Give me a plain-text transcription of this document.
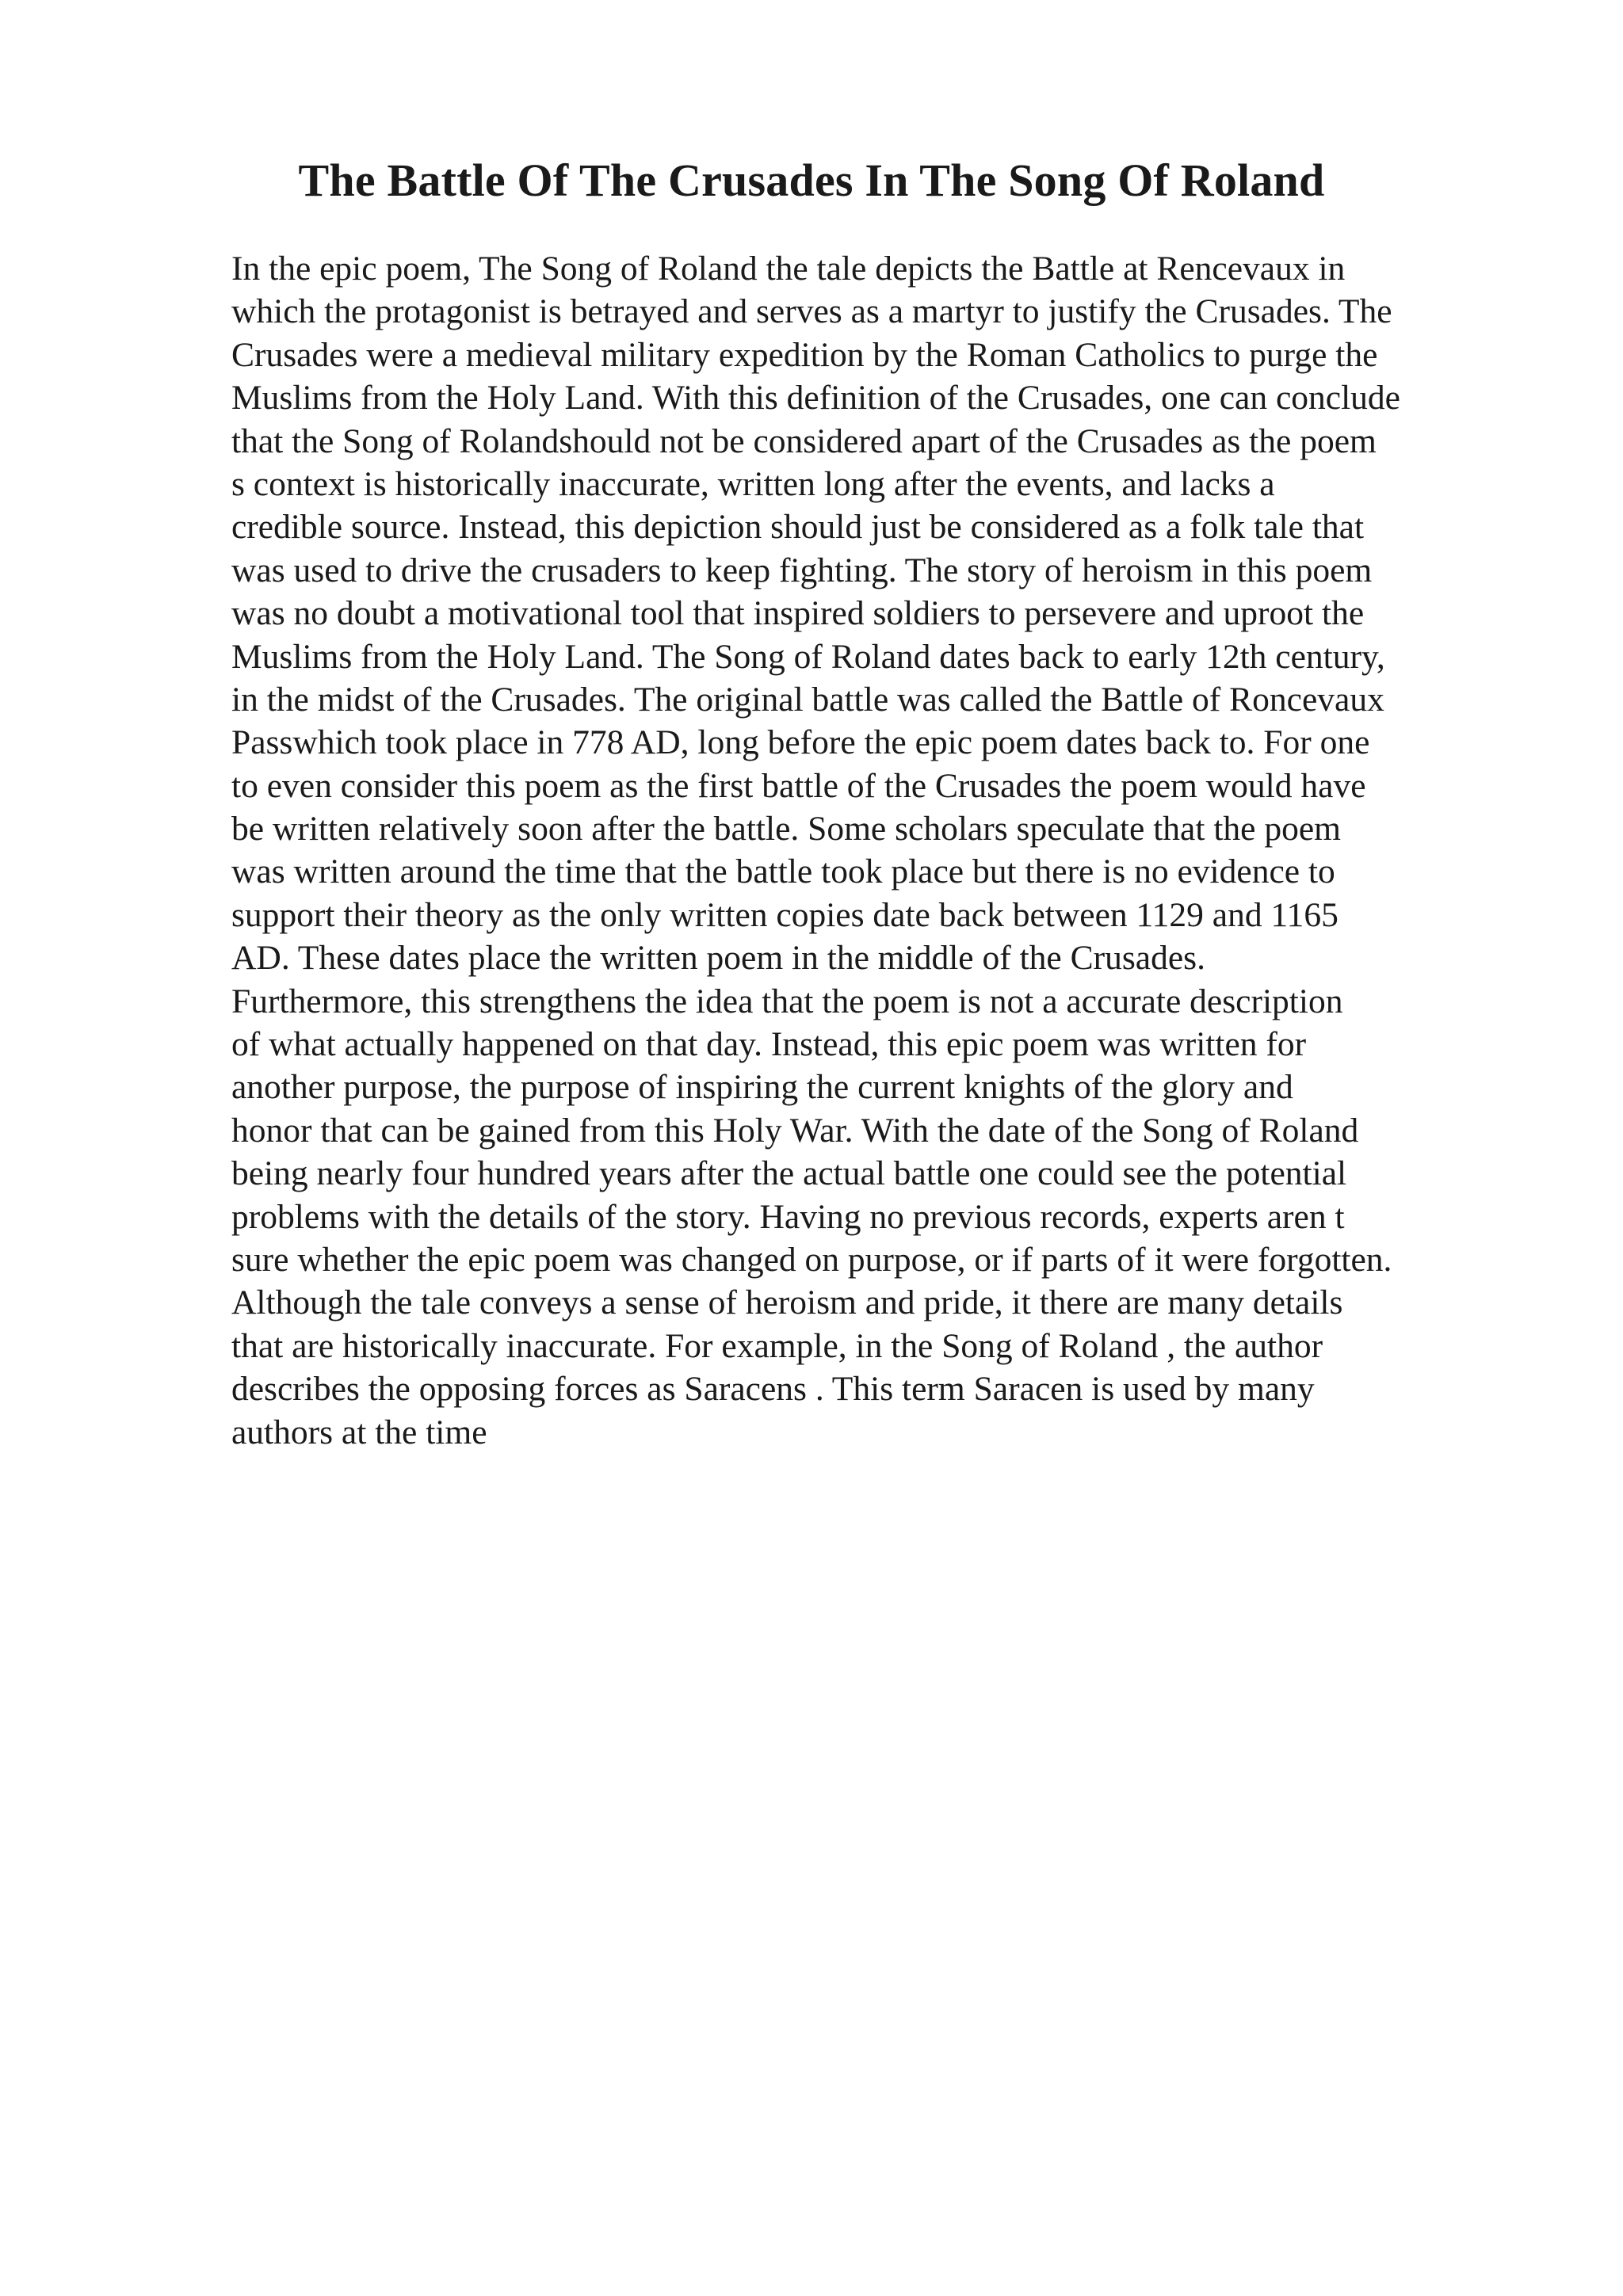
The Battle Of The Crusades In The Song Of Roland
In the epic poem, The Song of Roland the tale depicts the Battle at Rencevaux in
which the protagonist is betrayed and serves as a martyr to justify the Crusades. The
Crusades were a medieval military expedition by the Roman Catholics to purge the
Muslims from the Holy Land. With this definition of the Crusades, one can conclude
that the Song of Rolandshould not be considered apart of the Crusades as the poem
s context is historically inaccurate, written long after the events, and lacks a
credible source. Instead, this depiction should just be considered as a folk tale that
was used to drive the crusaders to keep fighting. The story of heroism in this poem
was no doubt a motivational tool that inspired soldiers to persevere and uproot the
Muslims from the Holy Land. The Song of Roland dates back to early 12th century,
in the midst of the Crusades. The original battle was called the Battle of Roncevaux
Passwhich took place in 778 AD, long before the epic poem dates back to. For one
to even consider this poem as the first battle of the Crusades the poem would have
be written relatively soon after the battle. Some scholars speculate that the poem
was written around the time that the battle took place but there is no evidence to
support their theory as the only written copies date back between 1129 and 1165
AD. These dates place the written poem in the middle of the Crusades.
Furthermore, this strengthens the idea that the poem is not a accurate description
of what actually happened on that day. Instead, this epic poem was written for
another purpose, the purpose of inspiring the current knights of the glory and
honor that can be gained from this Holy War. With the date of the Song of Roland
being nearly four hundred years after the actual battle one could see the potential
problems with the details of the story. Having no previous records, experts aren t
sure whether the epic poem was changed on purpose, or if parts of it were forgotten.
Although the tale conveys a sense of heroism and pride, it there are many details
that are historically inaccurate. For example, in the Song of Roland , the author
describes the opposing forces as Saracens . This term Saracen is used by many
authors at the time
